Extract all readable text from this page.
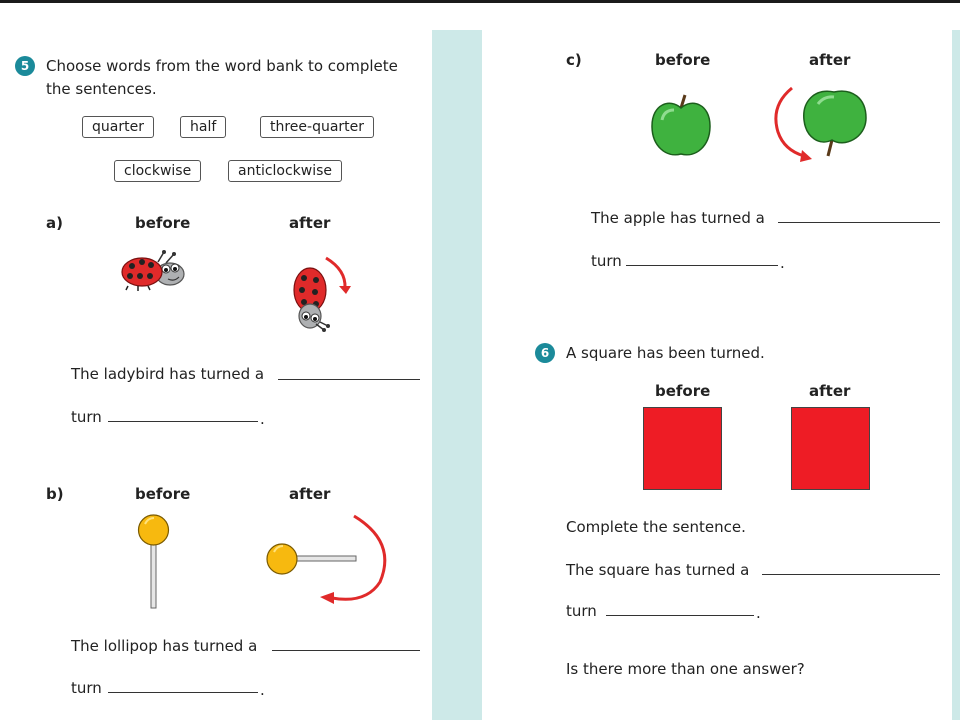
5	Choose words from the word bank to complete
the sentences.
quarter	half	three-quarter
clockwise	anticlockwise
a)	before	after
The ladybird has turned a
turn	.
b)	before	after
The lollipop has turned a
turn	.
c)	before	after
The apple has turned a
turn	.
6	A square has been turned.
before	after
Complete the sentence.
The square has turned a
turn	.
Is there more than one answer?
